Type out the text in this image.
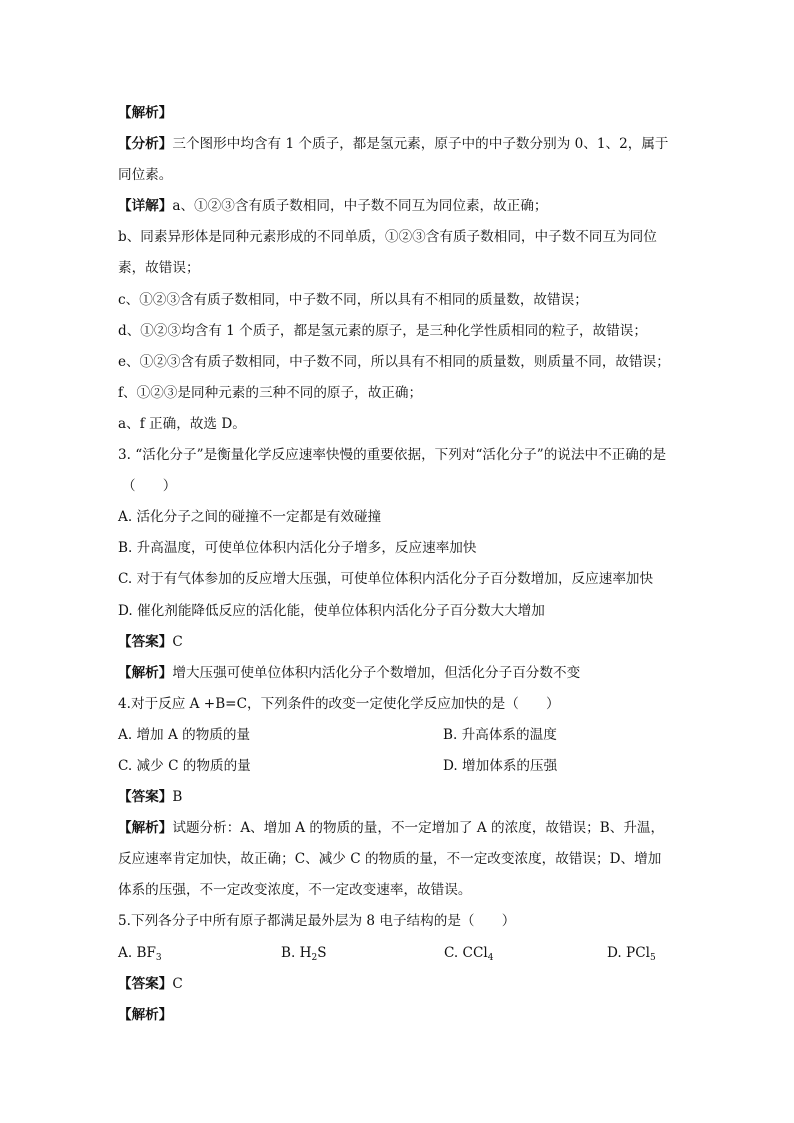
【解析】
【分析】三个图形中均含有 1 个质子，都是氢元素，原子中的中子数分别为 0、1、2，属于
同位素。
【详解】a、①②③含有质子数相同，中子数不同互为同位素，故正确；
b、同素异形体是同种元素形成的不同单质，①②③含有质子数相同，中子数不同互为同位
素，故错误；
c、①②③含有质子数相同，中子数不同，所以具有不相同的质量数，故错误；
d、①②③均含有 1 个质子，都是氢元素的原子，是三种化学性质相同的粒子，故错误；
e、①②③含有质子数相同，中子数不同，所以具有不相同的质量数，则质量不同，故错误；
f、①②③是同种元素的三种不同的原子，故正确；
a、f 正确，故选 D。
3. “活化分子”是衡量化学反应速率快慢的重要依据，下列对“活化分子”的说法中不正确的是
（　　）
A. 活化分子之间的碰撞不一定都是有效碰撞
B. 升高温度，可使单位体积内活化分子增多，反应速率加快
C. 对于有气体参加的反应增大压强，可使单位体积内活化分子百分数增加，反应速率加快
D. 催化剂能降低反应的活化能，使单位体积内活化分子百分数大大增加
【答案】C
【解析】增大压强可使单位体积内活化分子个数增加，但活化分子百分数不变
4.对于反应 A +B=C，下列条件的改变一定使化学反应加快的是（　　）
A. 增加 A 的物质的量	B. 升高体系的温度
C. 减少 C 的物质的量	D. 增加体系的压强
【答案】B
【解析】试题分析：A、增加 A 的物质的量，不一定增加了 A 的浓度，故错误；B、升温，
反应速率肯定加快，故正确；C、减少 C 的物质的量，不一定改变浓度，故错误；D、增加
体系的压强，不一定改变浓度，不一定改变速率，故错误。
5.下列各分子中所有原子都满足最外层为 8 电子结构的是（　　）
A. $BF_3$	B. $H_2S$	C. CCl$_4$	D. PCl$_5$
【答案】C
【解析】
